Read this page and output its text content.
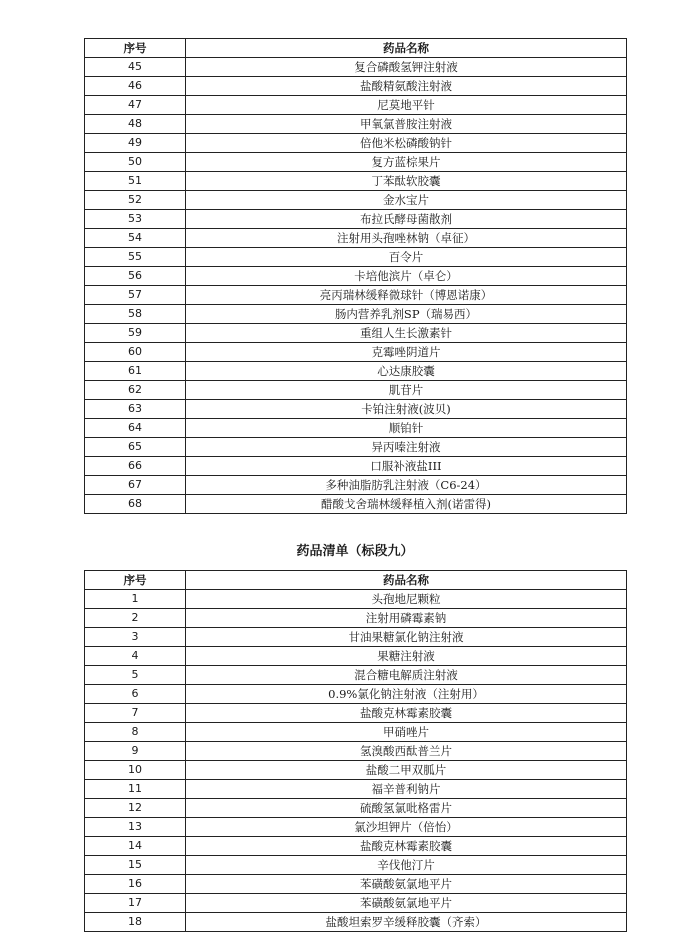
序号	药品名称
45	复合磷酸氢钾注射液
46	盐酸精氨酸注射液
47	尼莫地平针
48	甲氧氯普胺注射液
49	倍他米松磷酸钠针
50	复方蓝棕果片
51	丁苯酞软胶囊
52	金水宝片
53	布拉氏酵母菌散剂
54	注射用头孢唑林钠（卓征）
55	百令片
56	卡培他滨片（卓仑）
57	亮丙瑞林缓释微球针（博恩诺康）
58	肠内营养乳剂SP（瑞易西）
59	重组人生长激素针
60	克霉唑阴道片
61	心达康胶囊
62	肌苷片
63	卡铂注射液(波贝)
64	顺铂针
65	异丙嗪注射液
66	口服补液盐III
67	多种油脂肪乳注射液（C6-24）
68	醋酸戈舍瑞林缓释植入剂(诺雷得)
药品清单（标段九）
序号	药品名称
1	头孢地尼颗粒
2	注射用磷霉素钠
3	甘油果糖氯化钠注射液
4	果糖注射液
5	混合糖电解质注射液
6	0.9%氯化钠注射液（注射用）
7	盐酸克林霉素胶囊
8	甲硝唑片
9	氢溴酸西酞普兰片
10	盐酸二甲双胍片
11	福辛普利钠片
12	硫酸氢氯吡格雷片
13	氯沙坦钾片（倍怡）
14	盐酸克林霉素胶囊
15	辛伐他汀片
16	苯磺酸氨氯地平片
17	苯磺酸氨氯地平片
18	盐酸坦索罗辛缓释胶囊（齐索）
